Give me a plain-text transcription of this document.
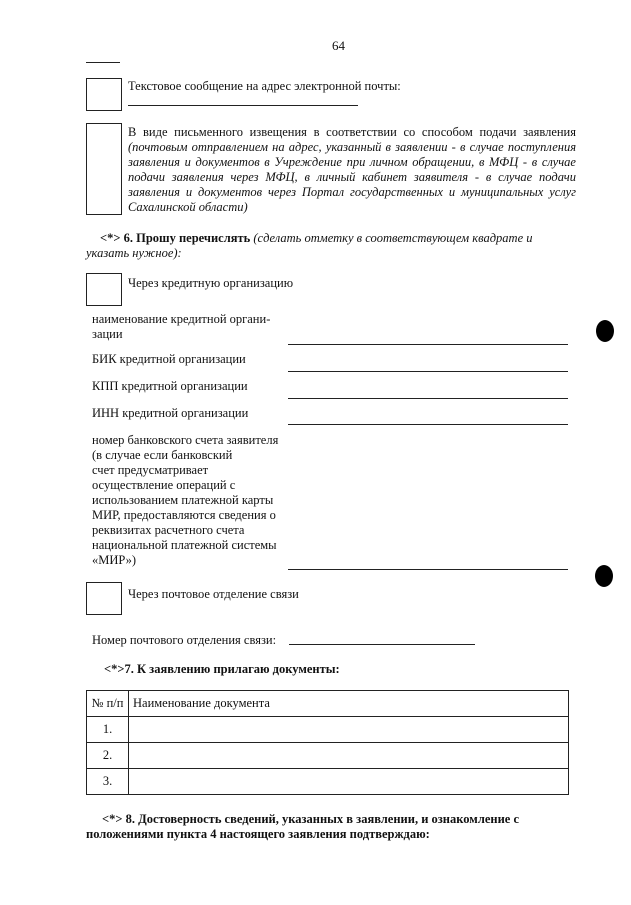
64
Текстовое сообщение на адрес электронной почты:
В виде письменного извещения в соответствии со способом подачи заявления (почтовым отправлением на адрес, указанный в заявлении - в случае поступления заявления и документов в Учреждение при личном обращении, в МФЦ - в случае подачи заявления через МФЦ, в личный кабинет заявителя - в случае подачи заявления и документов через Портал государственных и муниципальных услуг Сахалинской области)
<*> 6. Прошу перечислять (сделать отметку в соответствующем квадрате и указать нужное):
Через кредитную организацию
наименование кредитной органи-
зации
БИК кредитной организации
КПП кредитной организации
ИНН кредитной организации
номер банковского счета заявителя
(в случае если банковский
счет предусматривает
осуществление операций с
использованием платежной карты
МИР, предоставляются сведения о
реквизитах расчетного счета
национальной платежной системы
«МИР»)
Через почтовое отделение связи
Номер почтового отделения связи:
<*>7. К заявлению прилагаю документы:
№ п/п	Наименование документа
1.	
2.	
3.	
<*> 8. Достоверность сведений, указанных в заявлении, и ознакомление с положениями пункта 4 настоящего заявления подтверждаю:
